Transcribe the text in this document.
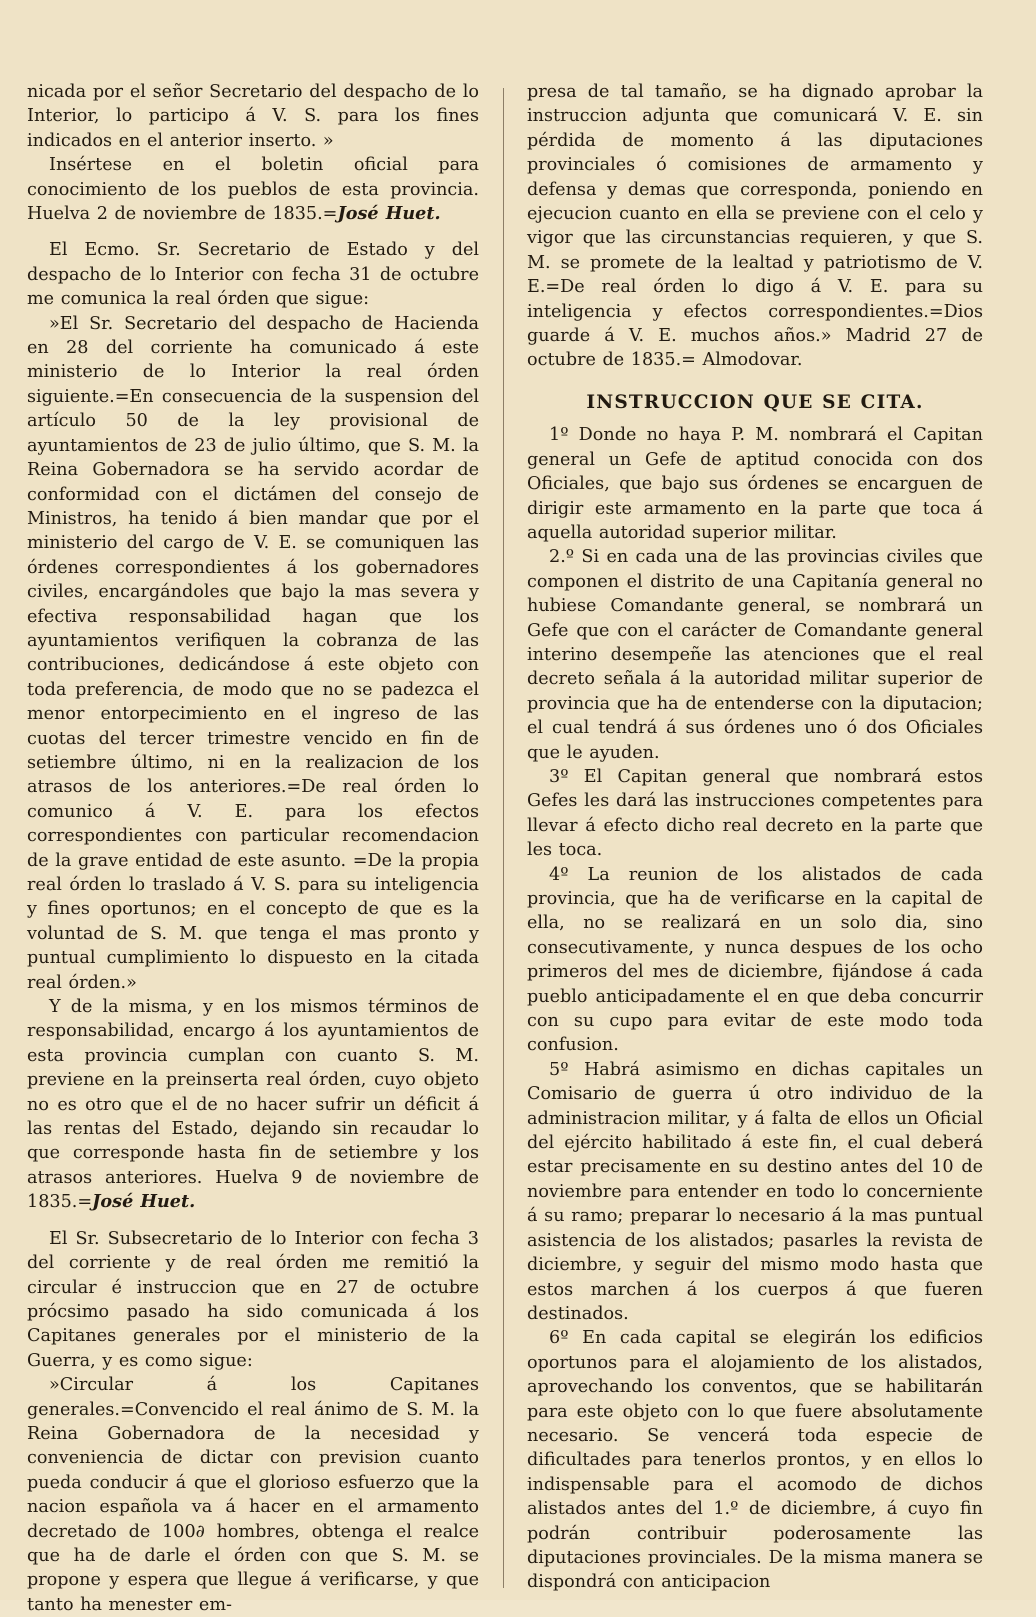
nicada por el señor Secretario del despacho de lo Interior, lo participo á V. S. para los fines indicados en el anterior inserto. »

Insértese en el boletin oficial para conocimiento de los pueblos de esta provincia. Huelva 2 de noviembre de 1835.=José Huet.

El Ecmo. Sr. Secretario de Estado y del despacho de lo Interior con fecha 31 de octubre me comunica la real órden que sigue:

»El Sr. Secretario del despacho de Hacienda en 28 del corriente ha comunicado á este ministerio de lo Interior la real órden siguiente.=En consecuencia de la suspension del artículo 50 de la ley provisional de ayuntamientos de 23 de julio último, que S. M. la Reina Gobernadora se ha servido acordar de conformidad con el dictámen del consejo de Ministros, ha tenido á bien mandar que por el ministerio del cargo de V. E. se comuniquen las órdenes correspondientes á los gobernadores civiles, encargándoles que bajo la mas severa y efectiva responsabilidad hagan que los ayuntamientos verifiquen la cobranza de las contribuciones, dedicándose á este objeto con toda preferencia, de modo que no se padezca el menor entorpecimiento en el ingreso de las cuotas del tercer trimestre vencido en fin de setiembre último, ni en la realizacion de los atrasos de los anteriores.=De real órden lo comunico á V. E. para los efectos correspondientes con particular recomendacion de la grave entidad de este asunto. =De la propia real órden lo traslado á V. S. para su inteligencia y fines oportunos; en el concepto de que es la voluntad de S. M. que tenga el mas pronto y puntual cumplimiento lo dispuesto en la citada real órden.»

Y de la misma, y en los mismos términos de responsabilidad, encargo á los ayuntamientos de esta provincia cumplan con cuanto S. M. previene en la preinserta real órden, cuyo objeto no es otro que el de no hacer sufrir un déficit á las rentas del Estado, dejando sin recaudar lo que corresponde hasta fin de setiembre y los atrasos anteriores. Huelva 9 de noviembre de 1835.=José Huet.

El Sr. Subsecretario de lo Interior con fecha 3 del corriente y de real órden me remitió la circular é instruccion que en 27 de octubre prócsimo pasado ha sido comunicada á los Capitanes generales por el ministerio de la Guerra, y es como sigue:

»Circular á los Capitanes generales.=Convencido el real ánimo de S. M. la Reina Gobernadora de la necesidad y conveniencia de dictar con prevision cuanto pueda conducir á que el glorioso esfuerzo que la nacion española va á hacer en el armamento decretado de 100∂ hombres, obtenga el realce que ha de darle el órden con que S. M. se propone y espera que llegue á verificarse, y que tanto ha menester em-

presa de tal tamaño, se ha dignado aprobar la instruccion adjunta que comunicará V. E. sin pérdida de momento á las diputaciones provinciales ó comisiones de armamento y defensa y demas que corresponda, poniendo en ejecucion cuanto en ella se previene con el celo y vigor que las circunstancias requieren, y que S. M. se promete de la lealtad y patriotismo de V. E.=De real órden lo digo á V. E. para su inteligencia y efectos correspondientes.=Dios guarde á V. E. muchos años.» Madrid 27 de octubre de 1835.= Almodovar.

INSTRUCCION QUE SE CITA.

1º Donde no haya P. M. nombrará el Capitan general un Gefe de aptitud conocida con dos Oficiales, que bajo sus órdenes se encarguen de dirigir este armamento en la parte que toca á aquella autoridad superior militar.

2.º Si en cada una de las provincias civiles que componen el distrito de una Capitanía general no hubiese Comandante general, se nombrará un Gefe que con el carácter de Comandante general interino desempeñe las atenciones que el real decreto señala á la autoridad militar superior de provincia que ha de entenderse con la diputacion; el cual tendrá á sus órdenes uno ó dos Oficiales que le ayuden.

3º El Capitan general que nombrará estos Gefes les dará las instrucciones competentes para llevar á efecto dicho real decreto en la parte que les toca.

4º La reunion de los alistados de cada provincia, que ha de verificarse en la capital de ella, no se realizará en un solo dia, sino consecutivamente, y nunca despues de los ocho primeros del mes de diciembre, fijándose á cada pueblo anticipadamente el en que deba concurrir con su cupo para evitar de este modo toda confusion.

5º Habrá asimismo en dichas capitales un Comisario de guerra ú otro individuo de la administracion militar, y á falta de ellos un Oficial del ejército habilitado á este fin, el cual deberá estar precisamente en su destino antes del 10 de noviembre para entender en todo lo concerniente á su ramo; preparar lo necesario á la mas puntual asistencia de los alistados; pasarles la revista de diciembre, y seguir del mismo modo hasta que estos marchen á los cuerpos á que fueren destinados.

6º En cada capital se elegirán los edificios oportunos para el alojamiento de los alistados, aprovechando los conventos, que se habilitarán para este objeto con lo que fuere absolutamente necesario. Se vencerá toda especie de dificultades para tenerlos prontos, y en ellos lo indispensable para el acomodo de dichos alistados antes del 1.º de diciembre, á cuyo fin podrán contribuir poderosamente las diputaciones provinciales. De la misma manera se dispondrá con anticipacion
